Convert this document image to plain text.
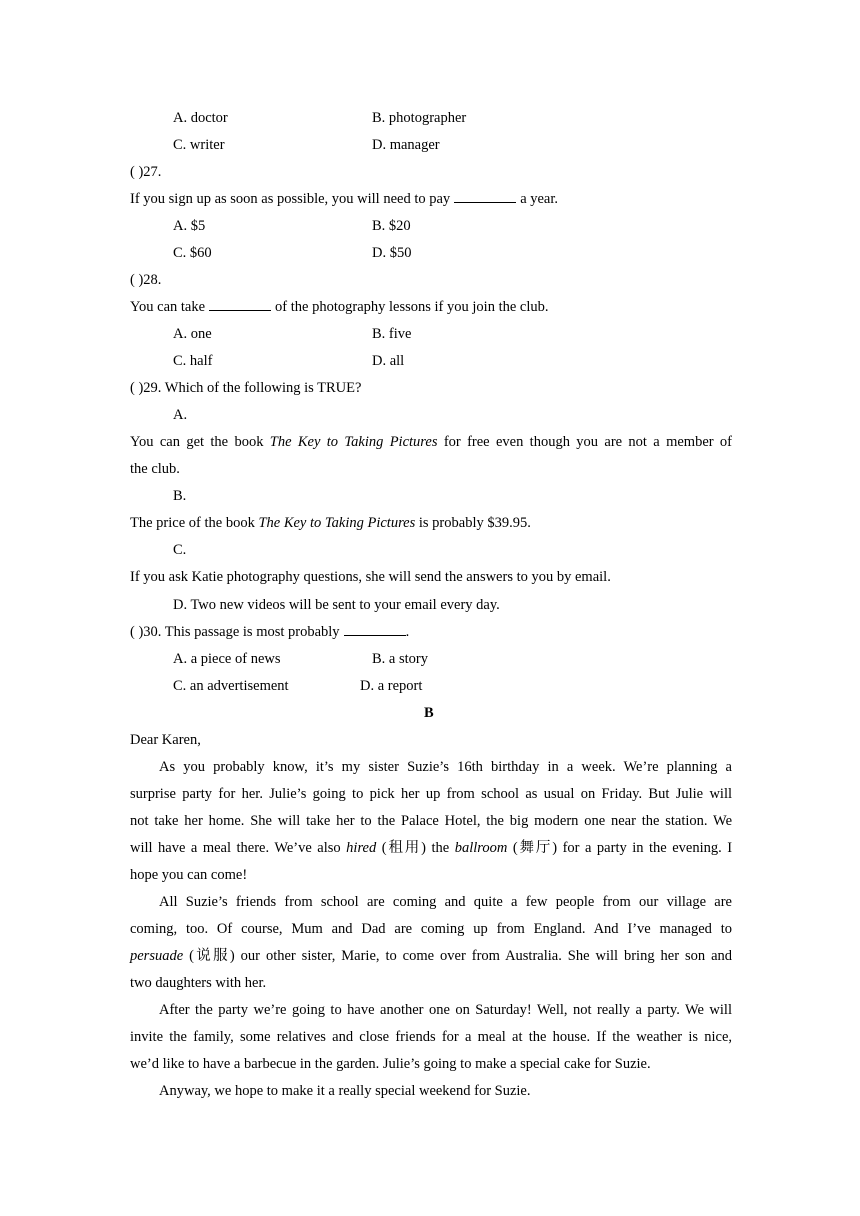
A. doctor	B. photographer
C. writer	D. manager
( )27.
If you sign up as soon as possible, you will need to pay	a year.
A. $5	B. $20
C. $60	D. $50
( )28.
You can take	of the photography lessons if you join the club.
A. one	B. five
C. half	D. all
( )29. Which of the following is TRUE?
A.
You can get the book The Key to Taking Pictures for free even though you are not a member of
the club.
B.
The price of the book The Key to Taking Pictures is probably $39.95.
C.
If you ask Katie photography questions, she will send the answers to you by email.
D. Two new videos will be sent to your email every day.
( )30. This passage is most probably	.
A. a piece of news	B. a story
C. an advertisement	D. a report
B
Dear Karen,
As you probably know, it’s my sister Suzie’s 16th birthday in a week. We’re planning a
surprise party for her. Julie’s going to pick her up from school as usual on Friday. But Julie will
not take her home. She will take her to the Palace Hotel, the big modern one near the station. We
will have a meal there. We’ve also hired (租用) the ballroom (舞厅) for a party in the evening. I
hope you can come!
All Suzie’s friends from school are coming and quite a few people from our village are
coming, too. Of course, Mum and Dad are coming up from England. And I’ve managed to
persuade (说服) our other sister, Marie, to come over from Australia. She will bring her son and
two daughters with her.
After the party we’re going to have another one on Saturday! Well, not really a party. We will
invite the family, some relatives and close friends for a meal at the house. If the weather is nice,
we’d like to have a barbecue in the garden. Julie’s going to make a special cake for Suzie.
Anyway, we hope to make it a really special weekend for Suzie.
